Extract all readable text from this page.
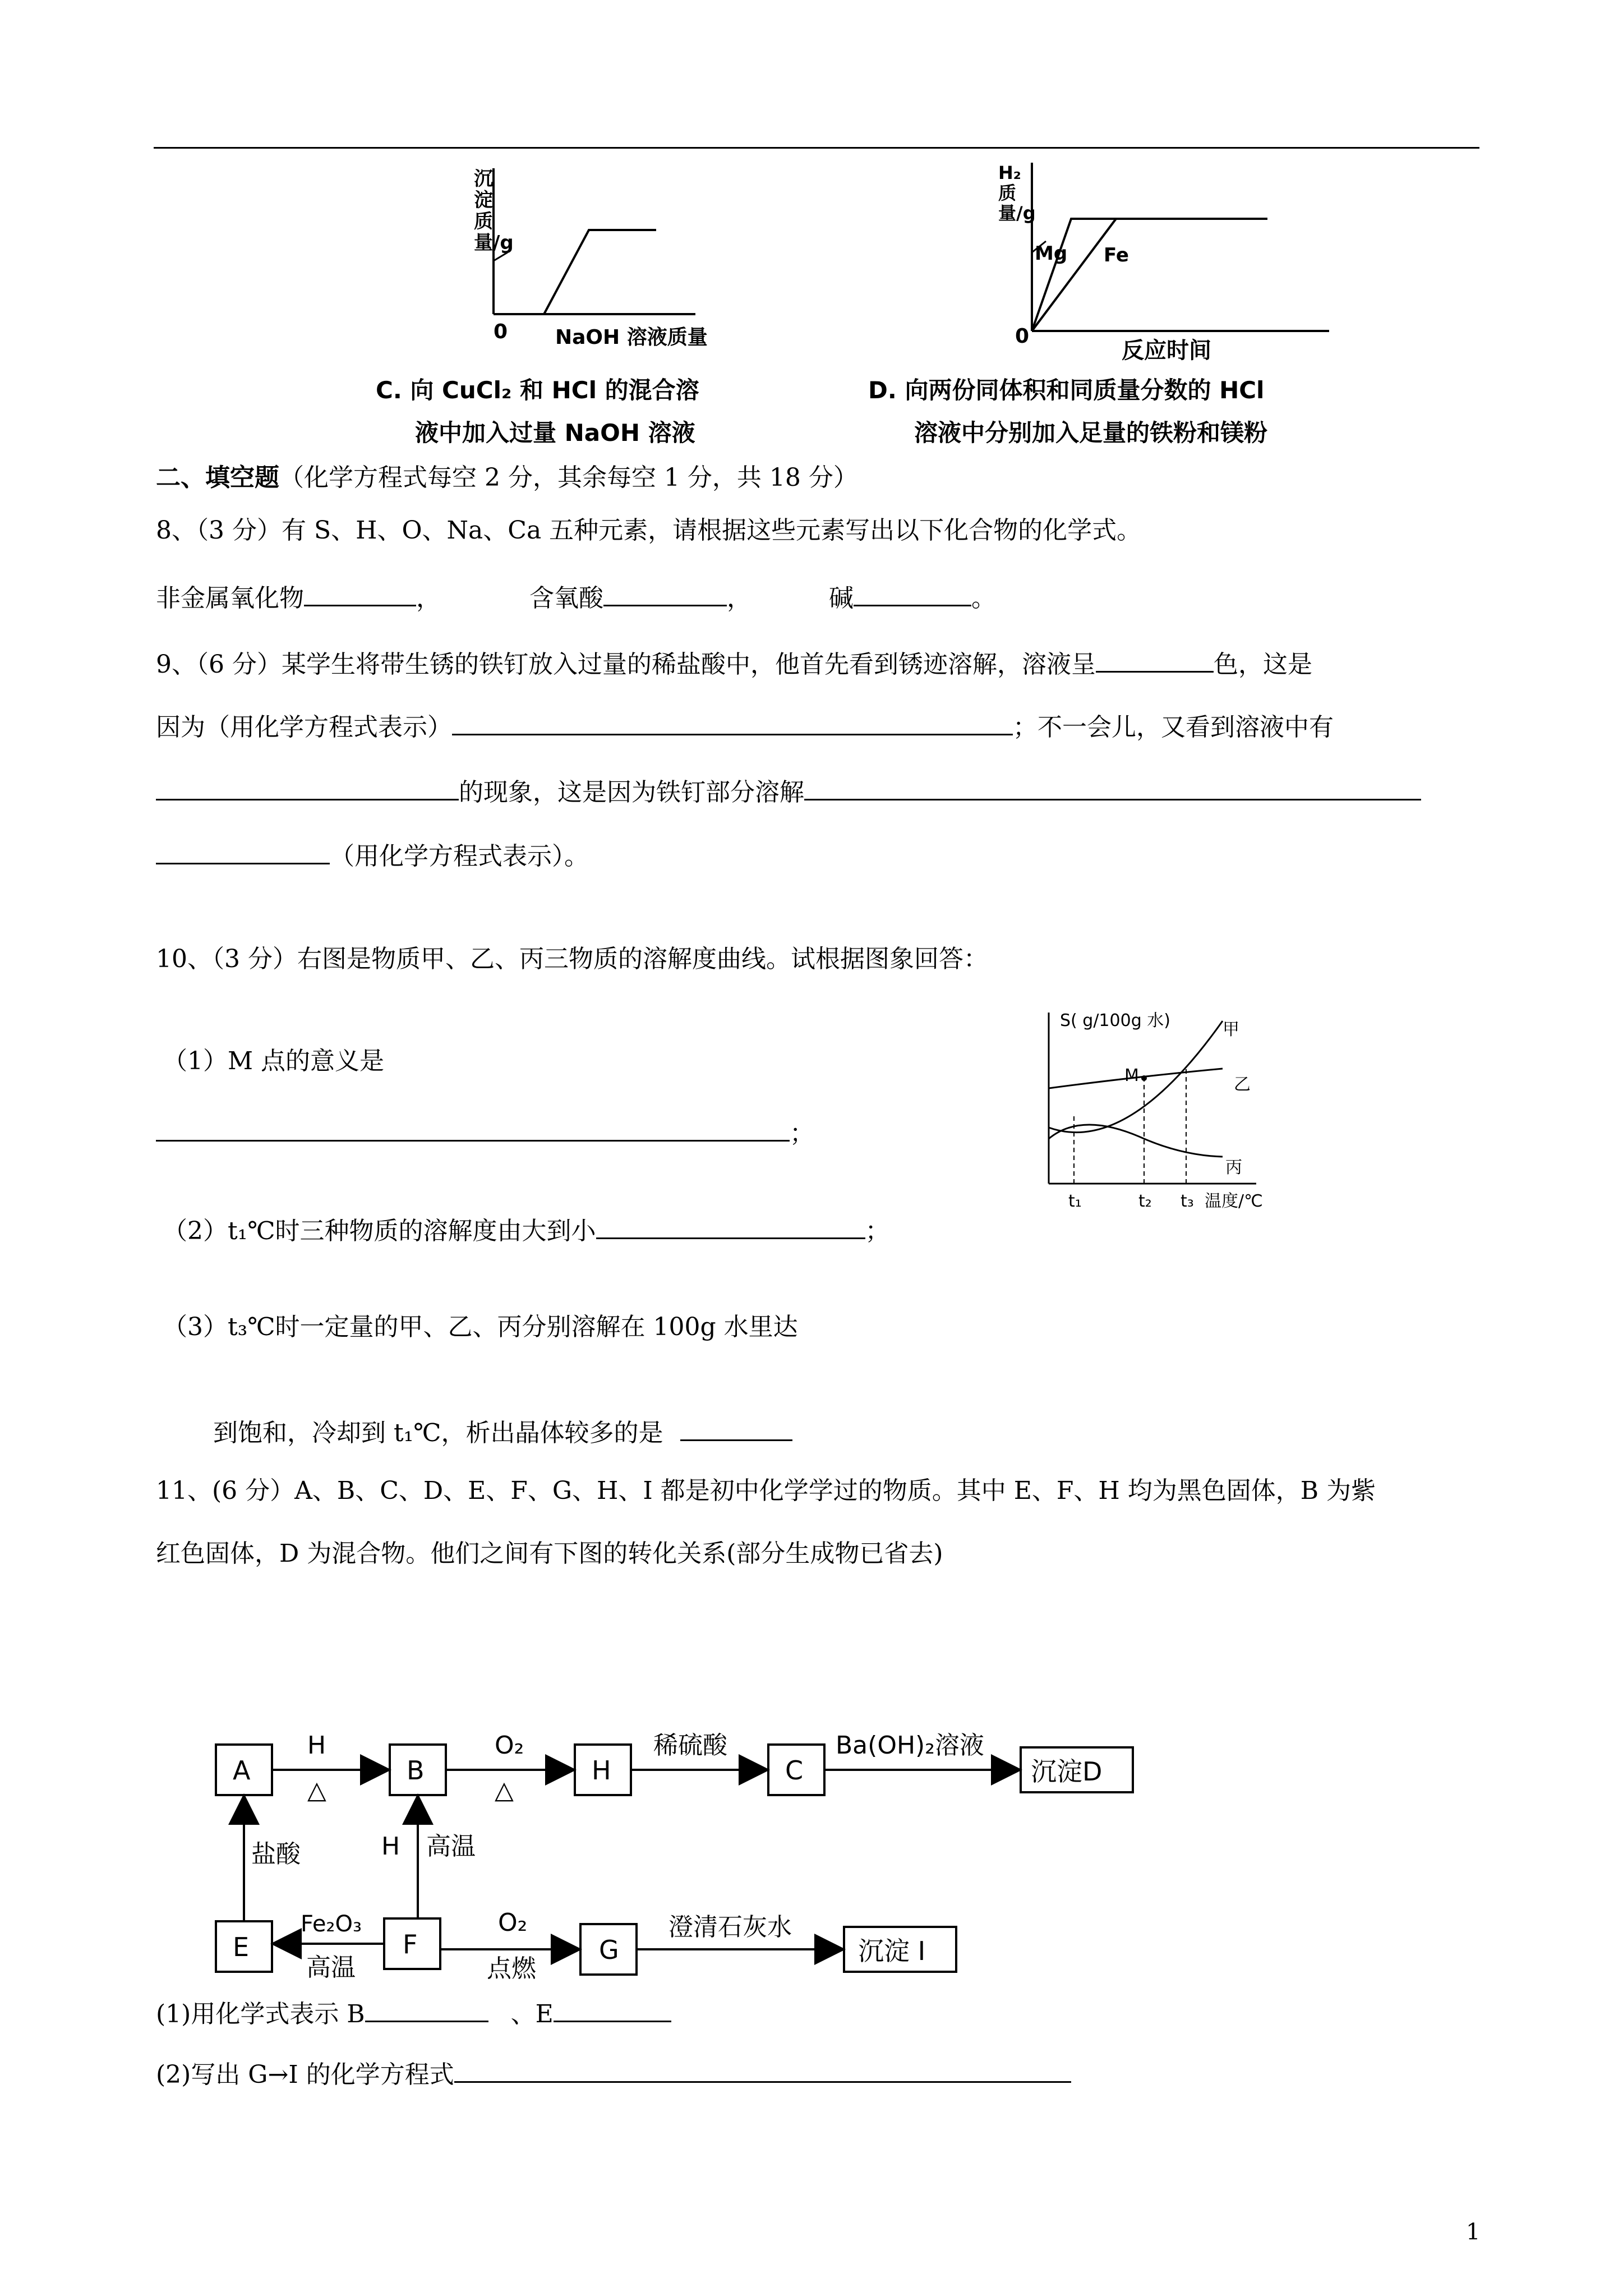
沉淀质量/g
0 NaOH 溶液质量
C. 向 CuCl₂ 和 HCl 的混合溶
液中加入过量 NaOH 溶液
H₂质量/g
0
反应时间
Mg Fe
D. 向两份同体积和同质量分数的 HCl
溶液中分别加入足量的铁粉和镁粉
二、填空题（化学方程式每空 2 分，其余每空 1 分，共 18 分）
8、（3 分）有 S、H、O、Na、Ca 五种元素，请根据这些元素写出以下化合物的化学式。
非金属氧化物	，	含氧酸	，	碱	。
9、（6 分）某学生将带生锈的铁钉放入过量的稀盐酸中，他首先看到锈迹溶解，溶液呈	色，这是
因为（用化学方程式表示）	；不一会儿，又看到溶液中有
的现象，这是因为铁钉部分溶解
（用化学方程式表示）。
10、（3 分）右图是物质甲、乙、丙三物质的溶解度曲线。试根据图象回答：
（1）M 点的意义是
；
（2）t₁℃时三种物质的溶解度由大到小	；
（3）t₃℃时一定量的甲、乙、丙分别溶解在 100g 水里达
到饱和，冷却到 t₁℃，析出晶体较多的是
S( g/100g 水)	甲
乙
丙
M
t₁	t₂ t₃ 温度/℃
11、(6 分）A、B、C、D、E、F、G、H、I 都是初中化学学过的物质。其中 E、F、H 均为黑色固体，B 为紫
红色固体，D 为混合物。他们之间有下图的转化关系(部分生成物已省去)
A	B	H	C	沉淀D
E	F	G	沉淀 I
H
△
O₂
△
稀硫酸	Ba(OH)₂溶液
盐酸	H 高温
Fe₂O₃
高温
O₂
点燃
澄清石灰水
(1)用化学式表示 B	、E
(2)写出 G→I 的化学方程式
1
